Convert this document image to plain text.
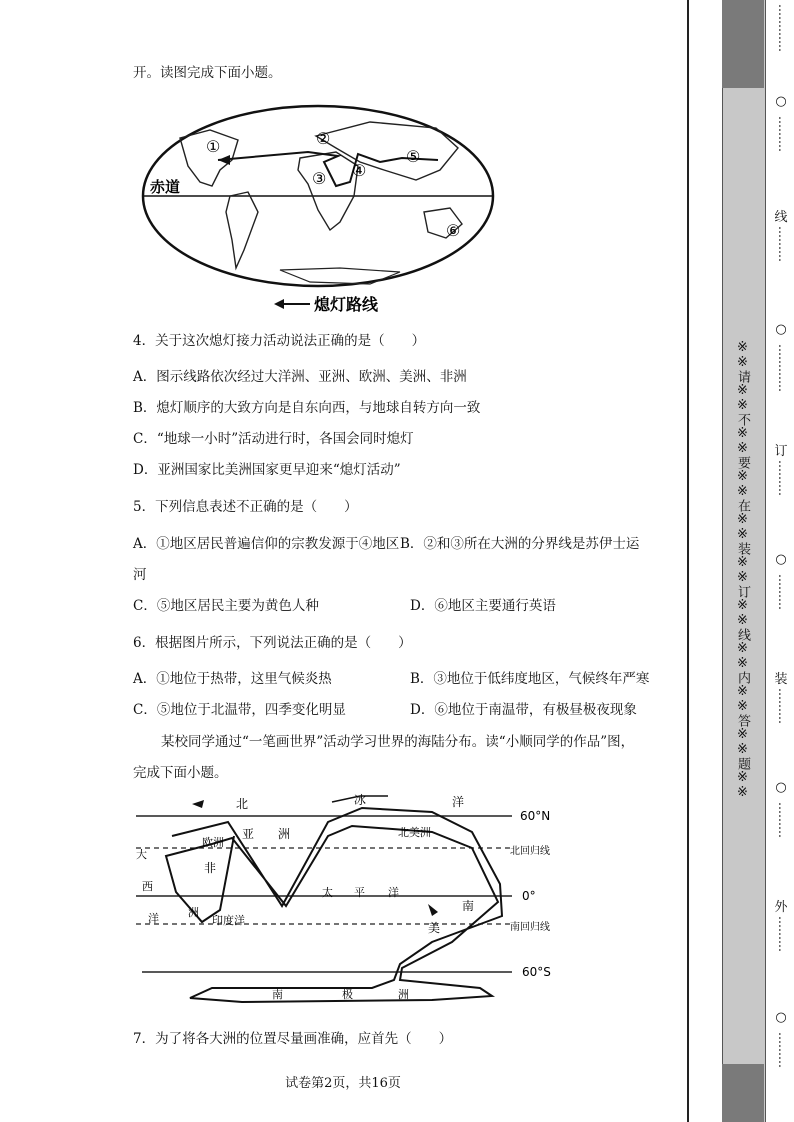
开。读图完成下面小题。
①	②
③ ④
⑤
⑥
赤道
熄灯路线
4．关于这次熄灯接力活动说法正确的是（　　）
A．图示线路依次经过大洋洲、亚洲、欧洲、美洲、非洲
B．熄灯顺序的大致方向是自东向西，与地球自转方向一致
C．“地球一小时”活动进行时，各国会同时熄灯
D．亚洲国家比美洲国家更早迎来“熄灯活动”
5．下列信息表述不正确的是（　　）
A．①地区居民普遍信仰的宗教发源于④地区 B．②和③所在大洲的分界线是苏伊士运
河
C．⑤地区居民主要为黄色人种	D．⑥地区主要通行英语
6．根据图片所示，下列说法正确的是（　　）
A．①地位于热带，这里气候炎热	B．③地位于低纬度地区，气候终年严寒
C．⑤地位于北温带，四季变化明显	D．⑥地位于南温带，有极昼极夜现象
某校同学通过“一笔画世界”活动学习世界的海陆分布。读“小顺同学的作品”图，
完成下面小题。
60°N
北回归线
0°
南回归线
60°S
北	冰	洋
欧洲
亚 洲	北美洲
大
西
洋
非
洲
印度洋
太 平 洋
南
美
南	极	洲
7．为了将各大洲的位置尽量画准确，应首先（　　）
试卷第2页，共16页
※※请※※不※※要※※在※※装※※订※※线※※内※※答※※题※※
…………
○
………
线
………
○
…………
订
………
○
………
装
………
○
………
外
………
○
………
